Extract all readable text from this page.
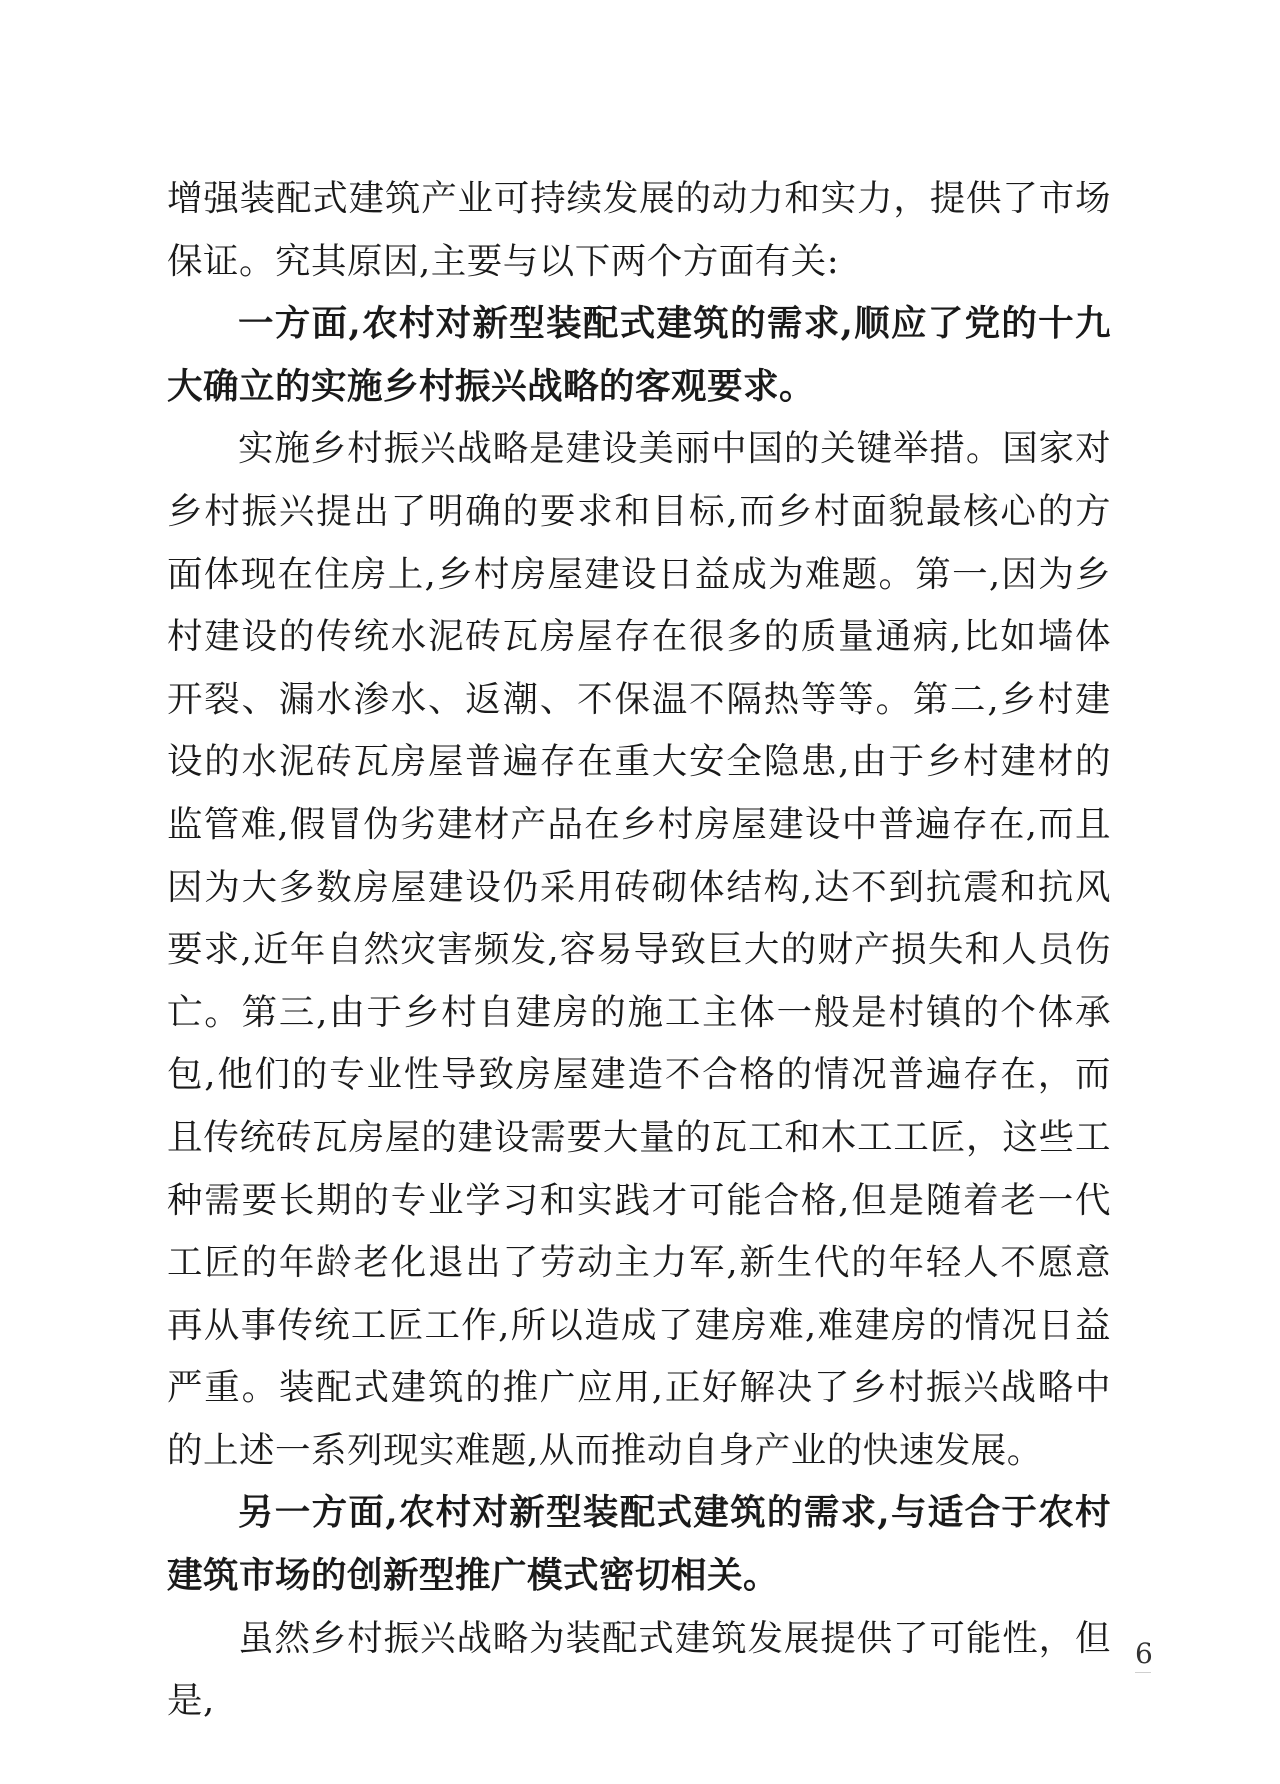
增强装配式建筑产业可持续发展的动力和实力，提供了市场保证。究其原因,主要与以下两个方面有关:

一方面,农村对新型装配式建筑的需求,顺应了党的十九大确立的实施乡村振兴战略的客观要求。

实施乡村振兴战略是建设美丽中国的关键举措。国家对乡村振兴提出了明确的要求和目标,而乡村面貌最核心的方面体现在住房上,乡村房屋建设日益成为难题。第一,因为乡村建设的传统水泥砖瓦房屋存在很多的质量通病,比如墙体开裂、漏水渗水、返潮、不保温不隔热等等。第二,乡村建设的水泥砖瓦房屋普遍存在重大安全隐患,由于乡村建材的监管难,假冒伪劣建材产品在乡村房屋建设中普遍存在,而且因为大多数房屋建设仍采用砖砌体结构,达不到抗震和抗风要求,近年自然灾害频发,容易导致巨大的财产损失和人员伤亡。第三,由于乡村自建房的施工主体一般是村镇的个体承包,他们的专业性导致房屋建造不合格的情况普遍存在，而且传统砖瓦房屋的建设需要大量的瓦工和木工工匠，这些工种需要长期的专业学习和实践才可能合格,但是随着老一代工匠的年龄老化退出了劳动主力军,新生代的年轻人不愿意再从事传统工匠工作,所以造成了建房难,难建房的情况日益严重。装配式建筑的推广应用,正好解决了乡村振兴战略中的上述一系列现实难题,从而推动自身产业的快速发展。

另一方面,农村对新型装配式建筑的需求,与适合于农村建筑市场的创新型推广模式密切相关。

虽然乡村振兴战略为装配式建筑发展提供了可能性，但是,

6
